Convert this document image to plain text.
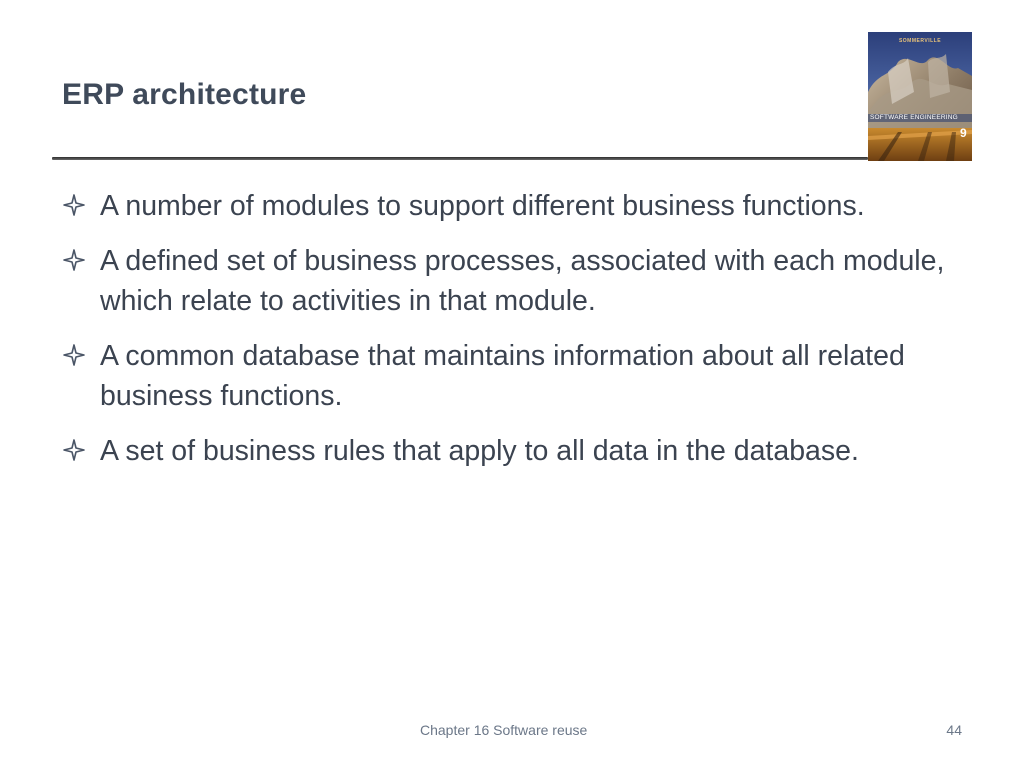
ERP architecture
SOMMERVILLE
SOFTWARE ENGINEERING
9
A number of modules to support different business functions.
A defined set of business processes, associated with each module, which relate to activities in that module.
A common database that maintains information about all related business functions.
A set of business rules that apply to all data in the database.
Chapter 16 Software reuse	44
